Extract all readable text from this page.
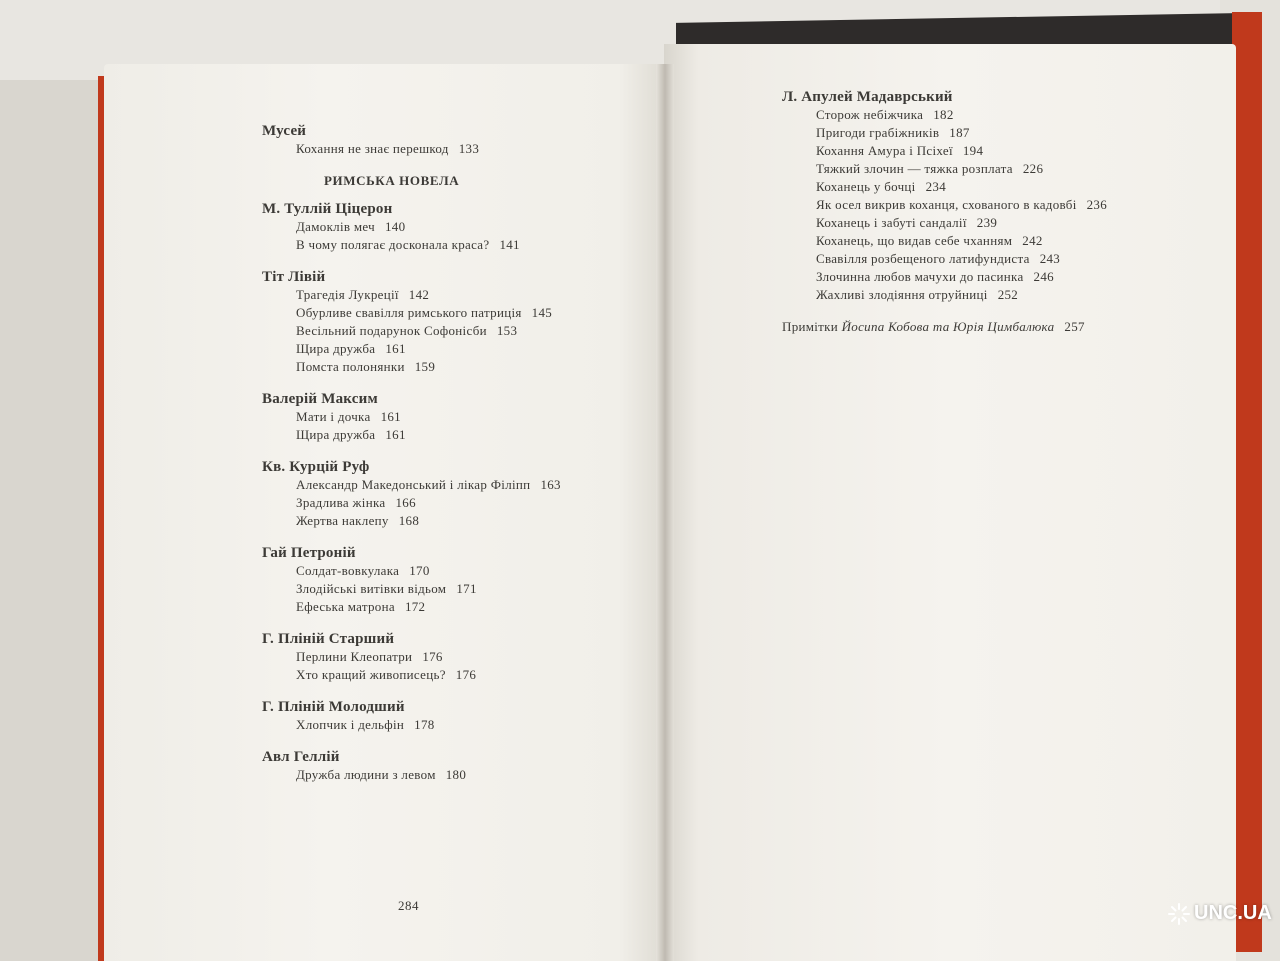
Мусей
Кохання не знає перешкод 133
РИМСЬКА НОВЕЛА
М. Туллій Ціцерон
Дамоклів меч 140
В чому полягає досконала краса? 141
Тіт Лівій
Трагедія Лукреції 142
Обурливе свавілля римського патриція 145
Весільний подарунок Софонісби 153
Щира дружба 161
Помста полонянки 159
Валерій Максим
Мати і дочка 161
Щира дружба 161
Кв. Курцій Руф
Александр Македонський і лікар Філіпп 163
Зрадлива жінка 166
Жертва наклепу 168
Гай Петроній
Солдат-вовкулака 170
Злодійські витівки відьом 171
Ефеська матрона 172
Г. Пліній Старший
Перлини Клеопатри 176
Хто кращий живописець? 176
Г. Пліній Молодший
Хлопчик і дельфін 178
Авл Геллій
Дружба людини з левом 180
Л. Апулей Мадаврський
Сторож небіжчика 182
Пригоди грабіжників 187
Кохання Амура і Псіхеї 194
Тяжкий злочин — тяжка розплата 226
Коханець у бочці 234
Як осел викрив коханця, схованого в кадовбі 236
Коханець і забуті сандалії 239
Коханець, що видав себе чханням 242
Свавілля розбещеного латифундиста 243
Злочинна любов мачухи до пасинка 246
Жахливі злодіяння отруйниці 252
Примітки Йосипа Кобова та Юрія Цимбалюка 257
284	UNC.UA
